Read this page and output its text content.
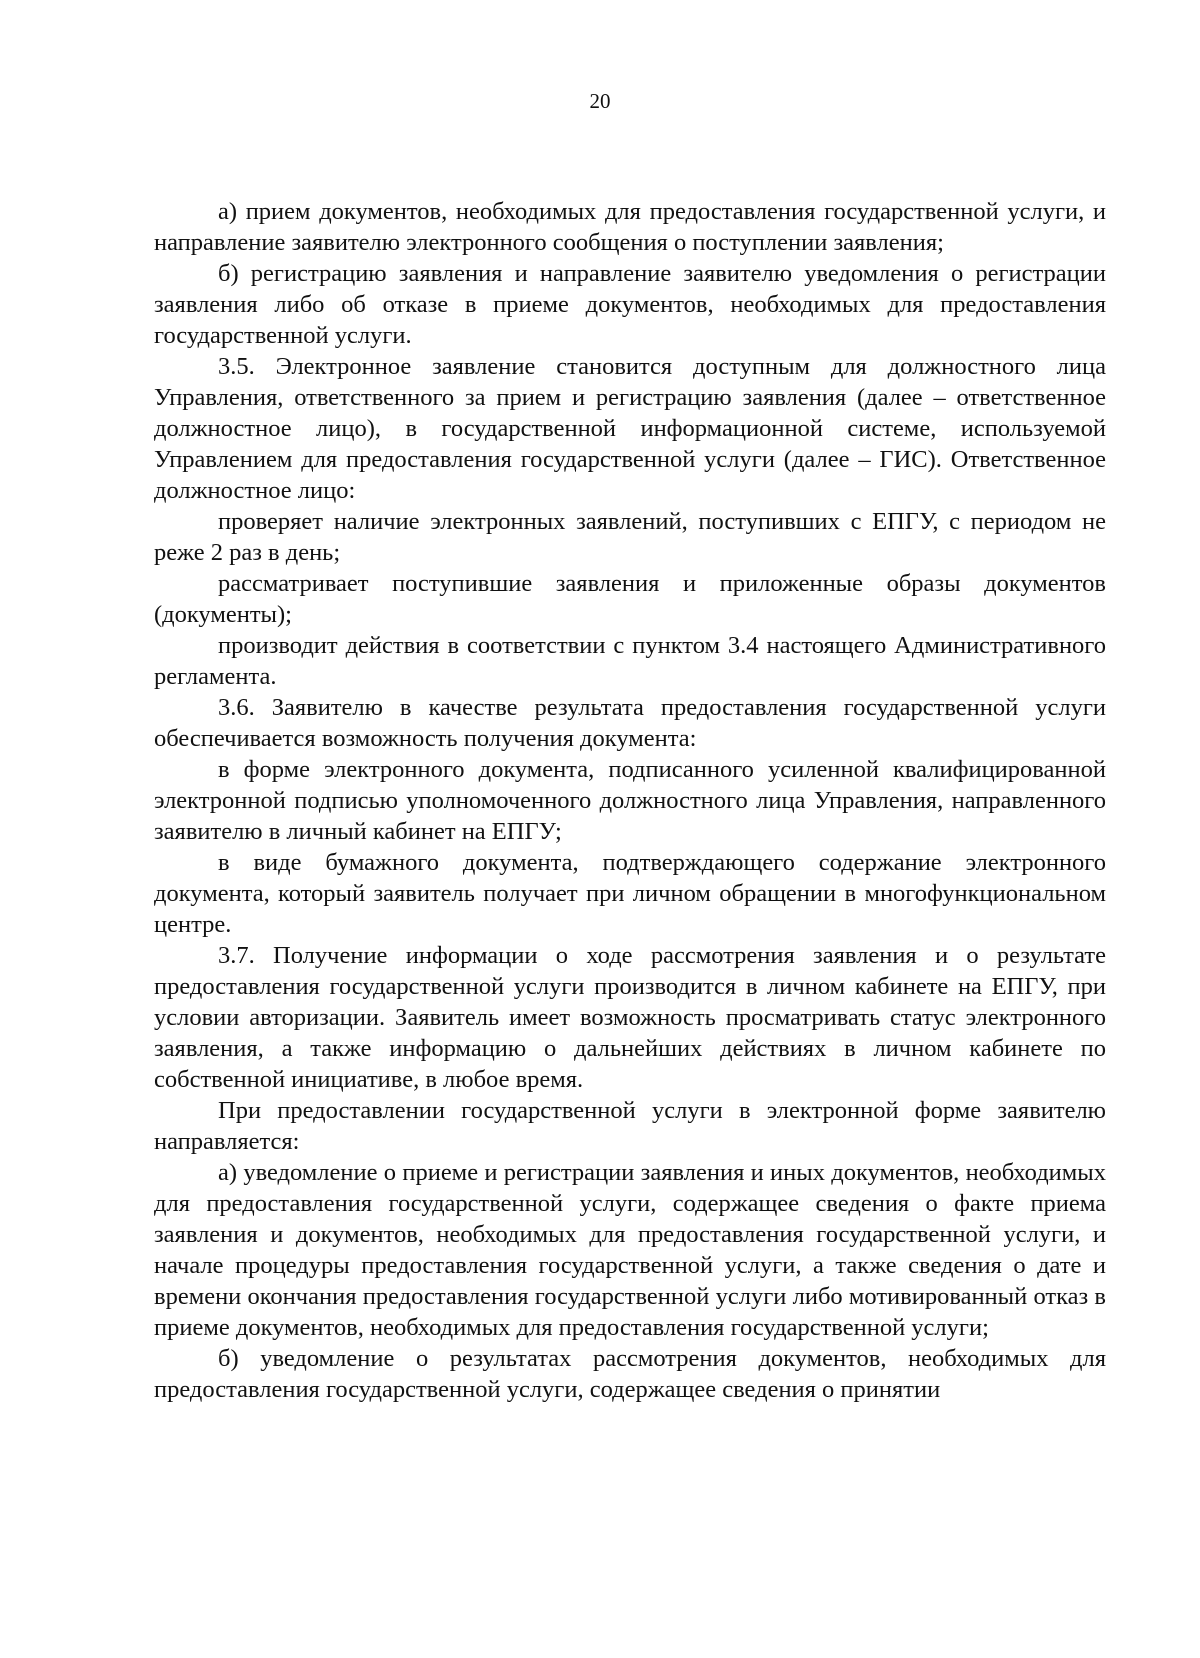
20

а) прием документов, необходимых для предоставления государственной услуги, и направление заявителю электронного сообщения о поступлении заявления;

б) регистрацию заявления и направление заявителю уведомления о регистрации заявления либо об отказе в приеме документов, необходимых для предоставления государственной услуги.

3.5. Электронное заявление становится доступным для должностного лица Управления, ответственного за прием и регистрацию заявления (далее – ответственное должностное лицо), в государственной информационной системе, используемой Управлением для предоставления государственной услуги (далее – ГИС). Ответственное должностное лицо:

проверяет наличие электронных заявлений, поступивших с ЕПГУ, с периодом не реже 2 раз в день;

рассматривает поступившие заявления и приложенные образы документов (документы);

производит действия в соответствии с пунктом 3.4 настоящего Административного регламента.

3.6. Заявителю в качестве результата предоставления государственной услуги обеспечивается возможность получения документа:

в форме электронного документа, подписанного усиленной квалифицированной электронной подписью уполномоченного должностного лица Управления, направленного заявителю в личный кабинет на ЕПГУ;

в виде бумажного документа, подтверждающего содержание электронного документа, который заявитель получает при личном обращении в многофункциональном центре.

3.7. Получение информации о ходе рассмотрения заявления и о результате предоставления государственной услуги производится в личном кабинете на ЕПГУ, при условии авторизации. Заявитель имеет возможность просматривать статус электронного заявления, а также информацию о дальнейших действиях в личном кабинете по собственной инициативе, в любое время.

При предоставлении государственной услуги в электронной форме заявителю направляется:

а) уведомление о приеме и регистрации заявления и иных документов, необходимых для предоставления государственной услуги, содержащее сведения о факте приема заявления и документов, необходимых для предоставления государственной услуги, и начале процедуры предоставления государственной услуги, а также сведения о дате и времени окончания предоставления государственной услуги либо мотивированный отказ в приеме документов, необходимых для предоставления государственной услуги;

б) уведомление о результатах рассмотрения документов, необходимых для предоставления государственной услуги, содержащее сведения о принятии
